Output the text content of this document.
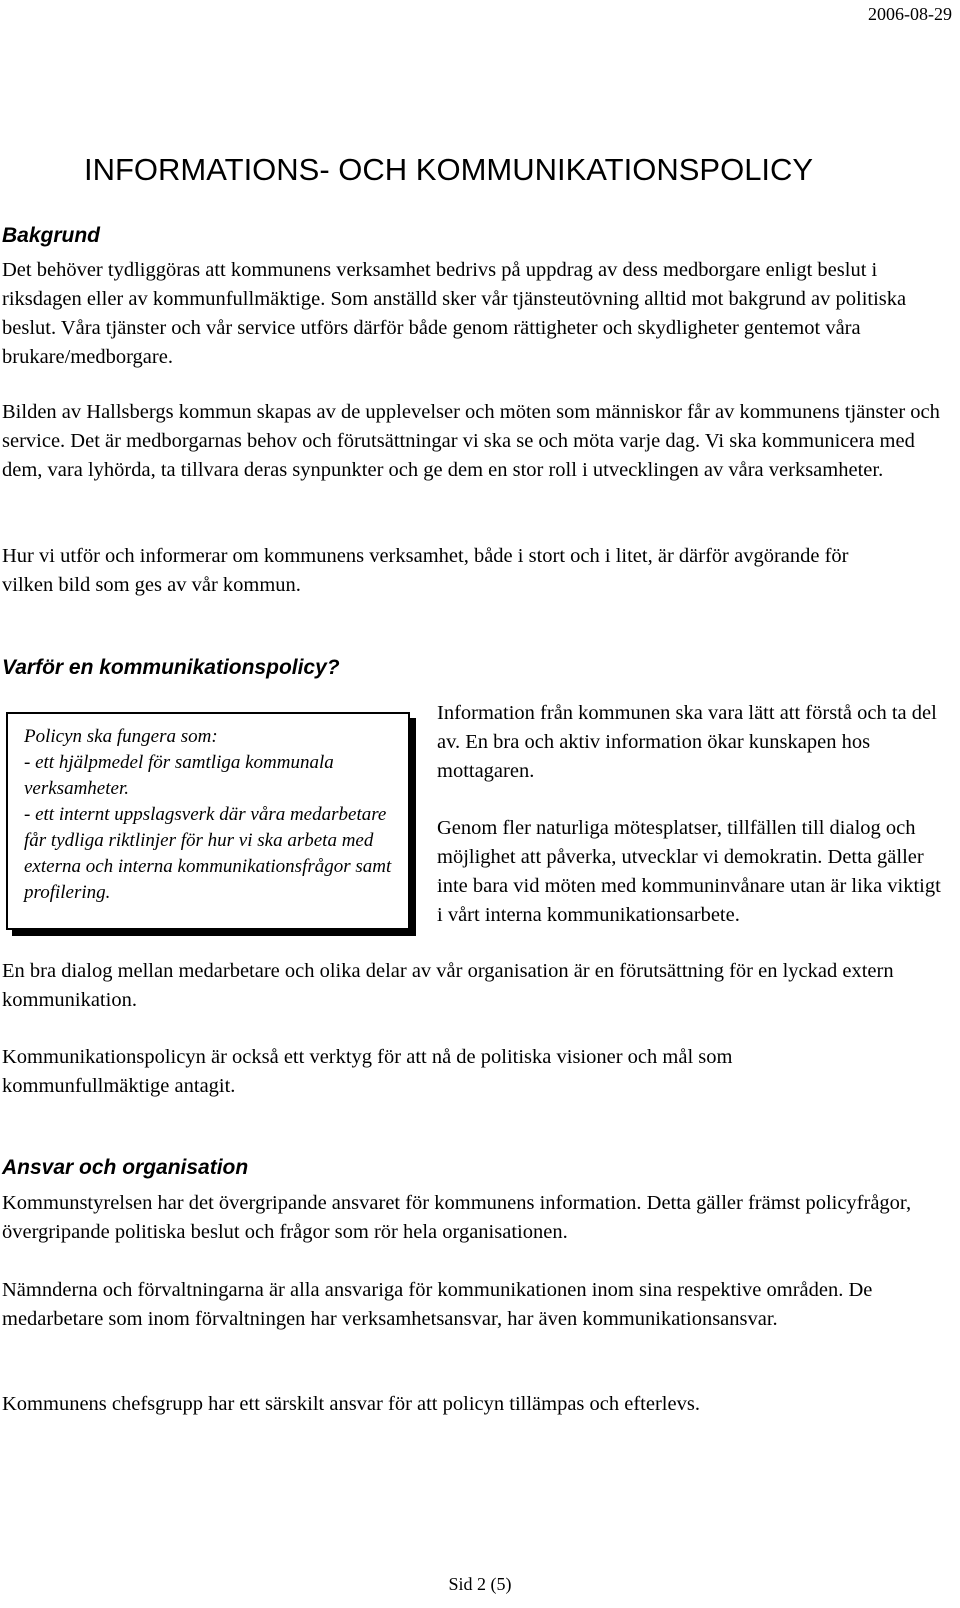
2006-08-29
INFORMATIONS- OCH KOMMUNIKATIONSPOLICY
Bakgrund

Det behöver tydliggöras att kommunens verksamhet bedrivs på uppdrag av dess medborgare enligt beslut i riksdagen eller av kommunfullmäktige. Som anställd sker vår tjänsteutövning alltid mot bakgrund av politiska beslut. Våra tjänster och vår service utförs därför både genom rättigheter och skydligheter gentemot våra brukare/medborgare.

Bilden av Hallsbergs kommun skapas av de upplevelser och möten som människor får av kommunens tjänster och service. Det är medborgarnas behov och förutsättningar vi ska se och möta varje dag. Vi ska kommunicera med dem, vara lyhörda, ta tillvara deras synpunkter och ge dem en stor roll i utvecklingen av våra verksamheter.

Hur vi utför och informerar om kommunens verksamhet, både i stort och i litet, är därför avgörande för vilken bild som ges av vår kommun.

Varför en kommunikationspolicy?

Policyn ska fungera som:
- ett hjälpmedel för samtliga kommunala verksamheter.
- ett internt uppslagsverk där våra medarbetare får tydliga riktlinjer för hur vi ska arbeta med externa och interna kommunikationsfrågor samt profilering.

Information från kommunen ska vara lätt att förstå och ta del av. En bra och aktiv information ökar kunskapen hos mottagaren.

Genom fler naturliga mötesplatser, tillfällen till dialog och möjlighet att påverka, utvecklar vi demokratin. Detta gäller inte bara vid möten med kommuninvånare utan är lika viktigt i vårt interna kommunikationsarbete.

En bra dialog mellan medarbetare och olika delar av vår organisation är en förutsättning för en lyckad extern kommunikation.

Kommunikationspolicyn är också ett verktyg för att nå de politiska visioner och mål som kommunfullmäktige antagit.

Ansvar och organisation

Kommunstyrelsen har det övergripande ansvaret för kommunens information. Detta gäller främst policyfrågor, övergripande politiska beslut och frågor som rör hela organisationen.

Nämnderna och förvaltningarna är alla ansvariga för kommunikationen inom sina respektive områden. De medarbetare som inom förvaltningen har verksamhetsansvar, har även kommunikationsansvar.

Kommunens chefsgrupp har ett särskilt ansvar för att policyn tillämpas och efterlevs.

Sid 2 (5)
